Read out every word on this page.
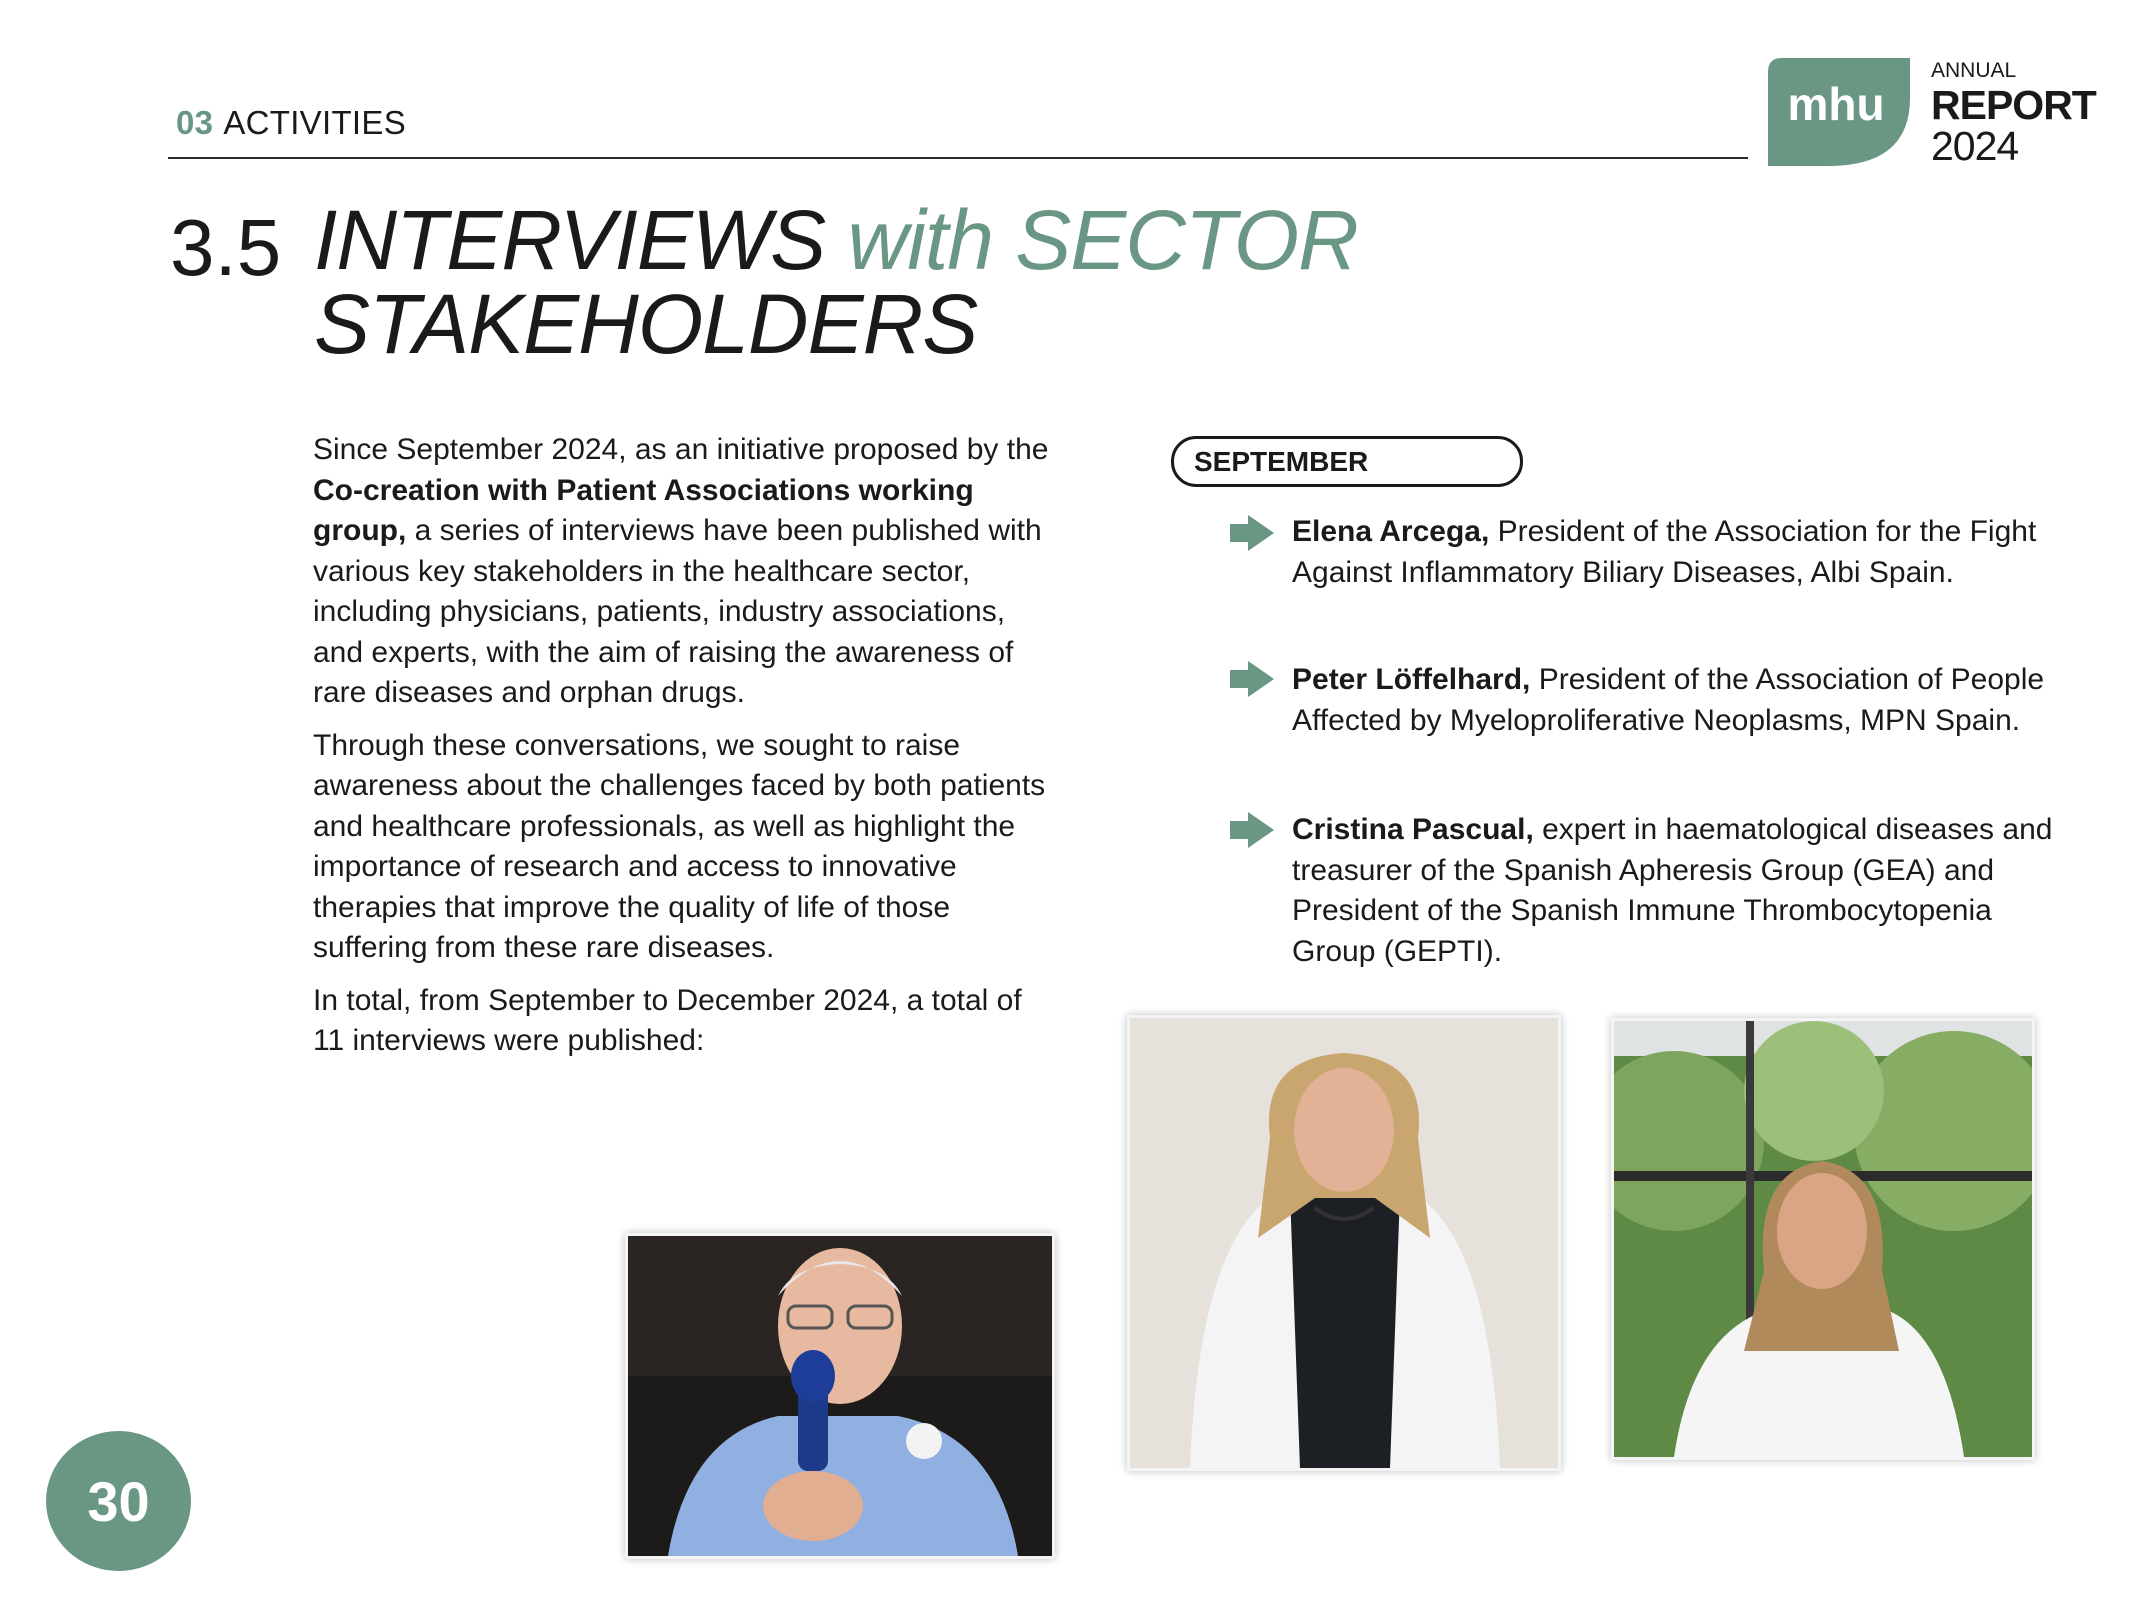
03 ACTIVITIES	mhu
ANNUAL
REPORT
2024
3.5 INTERVIEWS with SECTOR
STAKEHOLDERS

Since September 2024, as an initiative proposed by the Co-creation with Patient Associations working group, a series of interviews have been published with various key stakeholders in the healthcare sector, including physicians, patients, industry associations, and experts, with the aim of raising the awareness of rare diseases and orphan drugs.

Through these conversations, we sought to raise awareness about the challenges faced by both patients and healthcare professionals, as well as highlight the importance of research and access to innovative therapies that improve the quality of life of those suffering from these rare diseases.

In total, from September to December 2024, a total of 11 interviews were published:

SEPTEMBER
Elena Arcega, President of the Association for the Fight Against Inflammatory Biliary Diseases, Albi Spain.
Peter Löffelhard, President of the Association of People Affected by Myeloproliferative Neoplasms, MPN Spain.
Cristina Pascual, expert in haematological diseases and treasurer of the Spanish Apheresis Group (GEA) and President of the Spanish Immune Thrombocytopenia Group (GEPTI).
30
